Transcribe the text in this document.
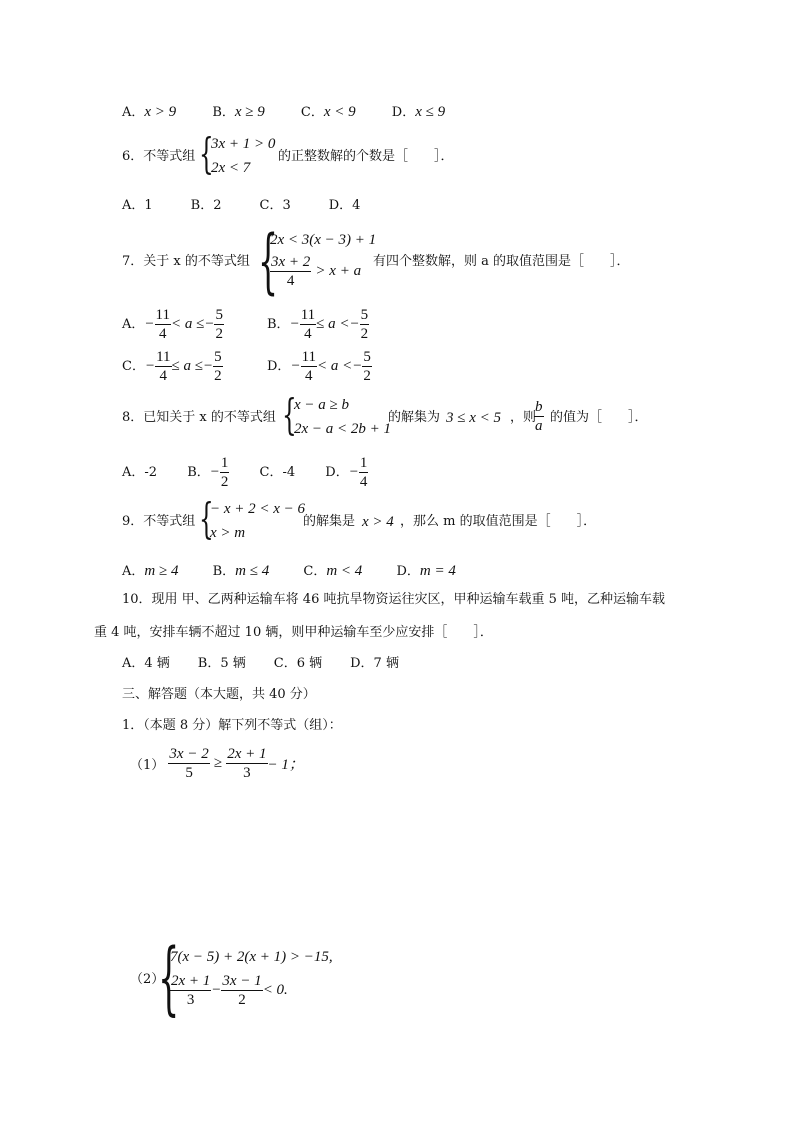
A．x > 9	B．x ≥ 9	C．x < 9	D．x ≤ 9
6．不等式组 {
3x + 1 > 0
2x < 7
的正整数解的个数是［　　］．
A．1	B．2	C．3	D．4
7．关于 x 的不等式组 {
2x < 3(x − 3) + 1
$\frac{3x + 2}{4} > x + a$
有四个整数解，则 a 的取值范围是［　　］．
A．− $\frac{11}{4} < a \le- \frac{5}{2}$	B．− $\frac{11}{4} \le a <- \frac{5}{2}$
C．− $\frac{11}{4} \le a \le- \frac{5}{2}$	D．− $\frac{11}{4} < a <- \frac{5}{2}$
8．已知关于 x 的不等式组 {
x − a ≥ b
2x − a < 2b + 1
的解集为 3 ≤ x < 5 ，则
$\frac{b}{a}$ 的值为［　　］．
A．-2 B．− $\frac{1}{2}$ C．-4 D．− $\frac{1}{4}$
9．不等式组 {
− x + 2 < x − 6
x > m
的解集是 x > 4 ，那么 m 的取值范围是［　　］．
A．m ≥ 4	B．m ≤ 4	C．m < 4	D．m = 4
10．现用 甲、乙两种运输车将 46 吨抗旱物资运往灾区，甲种运输车载重 5 吨，乙种运输车载
重 4 吨，安排车辆不超过 10 辆，则甲种运输车至少应安排［　　］．
A．4 辆 B．5 辆 C．6 辆 D．7 辆
三、解答题（本大题，共 40 分）
1．（本题 8 分）解下列不等式（组）：
$(1) \frac{3x - 2}{5} \ge \frac{2x + 1}{3} - 1$；
（2）
{
7(x − 5) + 2(x + 1) > −15,
$\frac{2x + 1}{3} - \frac{3x - 1}{2} < 0$.
